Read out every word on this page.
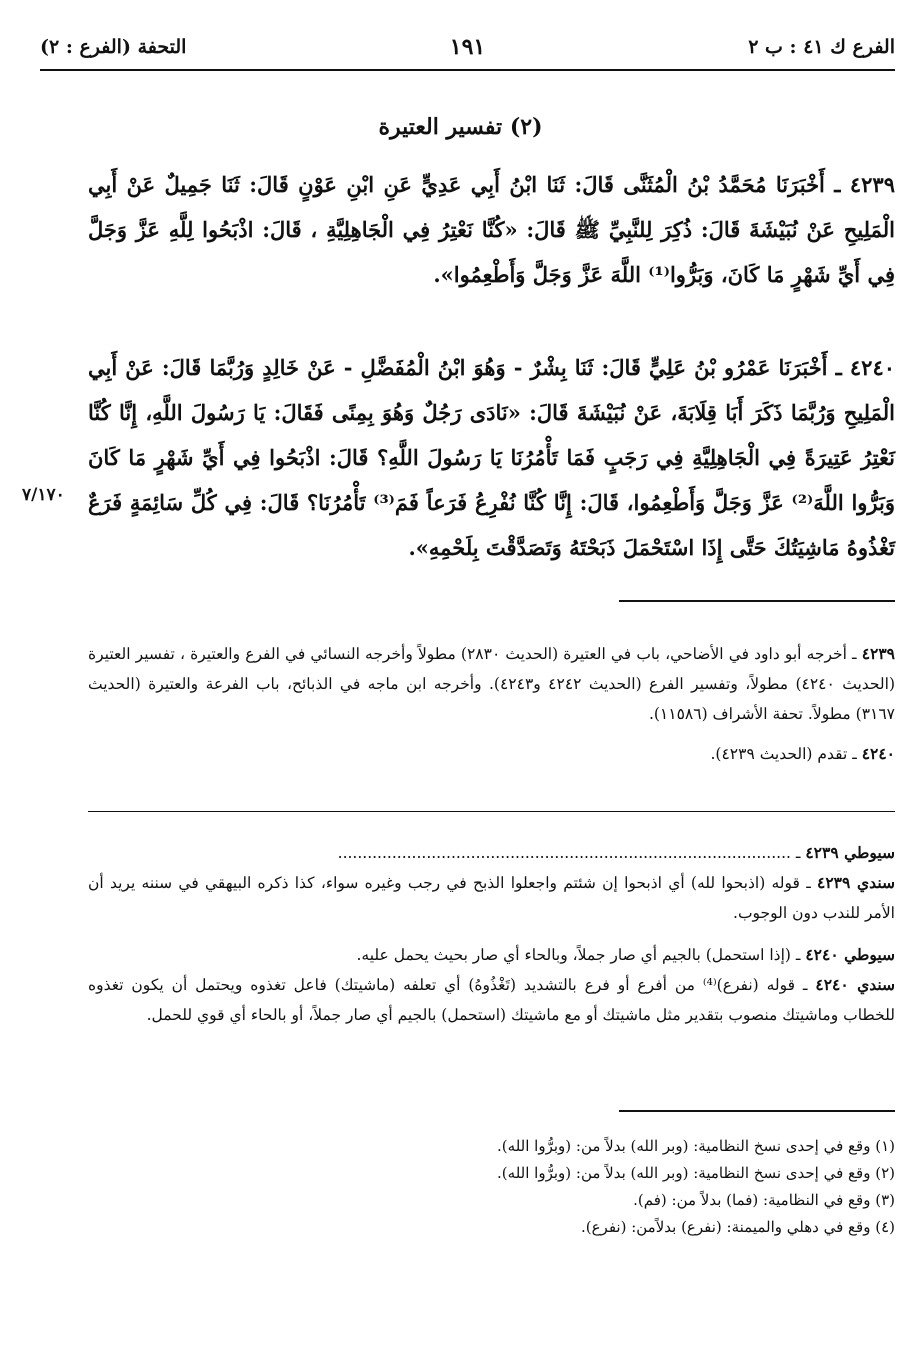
الفرع ك ٤١ : ب ٢
١٩١
التحفة (الفرع : ٢)
(٢) تفسير العتيرة
٤٢٣٩ ـ أَخْبَرَنَا مُحَمَّدُ بْنُ الْمُثَنَّى قَالَ: ثَنَا ابْنُ أَبِي عَدِيٍّ عَنِ ابْنِ عَوْنٍ قَالَ: ثَنَا جَمِيلٌ عَنْ أَبِي الْمَلِيحِ عَنْ نُبَيْشَةَ قَالَ: ذُكِرَ لِلنَّبِيِّ ﷺ قَالَ: «كُنَّا نَعْتِرُ فِي الْجَاهِلِيَّةِ ، قَالَ: اذْبَحُوا لِلَّهِ عَزَّ وَجَلَّ فِي أَيِّ شَهْرٍ مَا كَانَ، وَبَرُّوا⁽¹⁾ اللَّهَ عَزَّ وَجَلَّ وَأَطْعِمُوا».
٤٢٤٠ ـ أَخْبَرَنَا عَمْرُو بْنُ عَلِيٍّ قَالَ: ثَنَا بِشْرٌ - وَهُوَ ابْنُ الْمُفَضَّلِ - عَنْ خَالِدٍ وَرُبَّمَا قَالَ: عَنْ أَبِي الْمَلِيحِ وَرُبَّمَا ذَكَرَ أَبَا قِلَابَةَ، عَنْ نُبَيْشَةَ قَالَ: «نَادَى رَجُلٌ وَهُوَ بِمِنًى فَقَالَ: يَا رَسُولَ اللَّهِ، إِنَّا كُنَّا نَعْتِرُ عَتِيرَةً فِي الْجَاهِلِيَّةِ فِي رَجَبٍ فَمَا تَأْمُرُنَا يَا رَسُولَ اللَّهِ؟ قَالَ: اذْبَحُوا فِي أَيِّ شَهْرٍ مَا كَانَ وَبَرُّوا اللَّهَ⁽²⁾ عَزَّ وَجَلَّ وَأَطْعِمُوا، قَالَ: إِنَّا كُنَّا نُفْرِعُ فَرَعاً فَمَ⁽³⁾ تَأْمُرُنَا؟ قَالَ: فِي كُلِّ سَائِمَةٍ فَرَعٌ تَغْذُوهُ مَاشِيَتُكَ حَتَّى إِذَا اسْتَحْمَلَ ذَبَحْتَهُ وَتَصَدَّقْتَ بِلَحْمِهِ».
٧/١٧٠

٤٢٣٩ ـ أخرجه أبو داود في الأضاحي، باب في العتيرة (الحديث ٢٨٣٠) مطولاً وأخرجه النسائي في الفرع والعتيرة ، تفسير العتيرة (الحديث ٤٢٤٠) مطولاً، وتفسير الفرع (الحديث ٤٢٤٢ و٤٢٤٣). وأخرجه ابن ماجه في الذبائح، باب الفرعة والعتيرة (الحديث ٣١٦٧) مطولاً. تحفة الأشراف (١١٥٨٦).

٤٢٤٠ ـ تقدم (الحديث ٤٢٣٩).

سيوطي ٤٢٣٩ ـ ............................................................................................

سندي ٤٢٣٩ ـ قوله (اذبحوا لله) أي اذبحوا إن شئتم واجعلوا الذبح في رجب وغيره سواء، كذا ذكره البيهقي في سننه يريد أن الأمر للندب دون الوجوب.

سيوطي ٤٢٤٠ ـ (إذا استحمل) بالجيم أي صار جملاً، وبالحاء أي صار بحيث يحمل عليه.

سندي ٤٢٤٠ ـ قوله (نفرع)⁽⁴⁾ من أفرع أو فرع بالتشديد (تَغْذُوهُ) أي تعلفه (ماشيتك) فاعل تغذوه ويحتمل أن يكون تغذوه للخطاب وماشيتك منصوب بتقدير مثل ماشيتك أو مع ماشيتك (استحمل) بالجيم أي صار جملاً، أو بالحاء أي قوي للحمل.

(١) وقع في إحدى نسخ النظامية: (وبر الله) بدلاً من: (وبرُّوا الله).

(٢) وقع في إحدى نسخ النظامية: (وبر الله) بدلاً من: (وبرُّوا الله).

(٣) وقع في النظامية: (فما) بدلاً من: (فم).

(٤) وقع في دهلي والميمنة: (نفرع) بدلاًمن: (نفرع).
